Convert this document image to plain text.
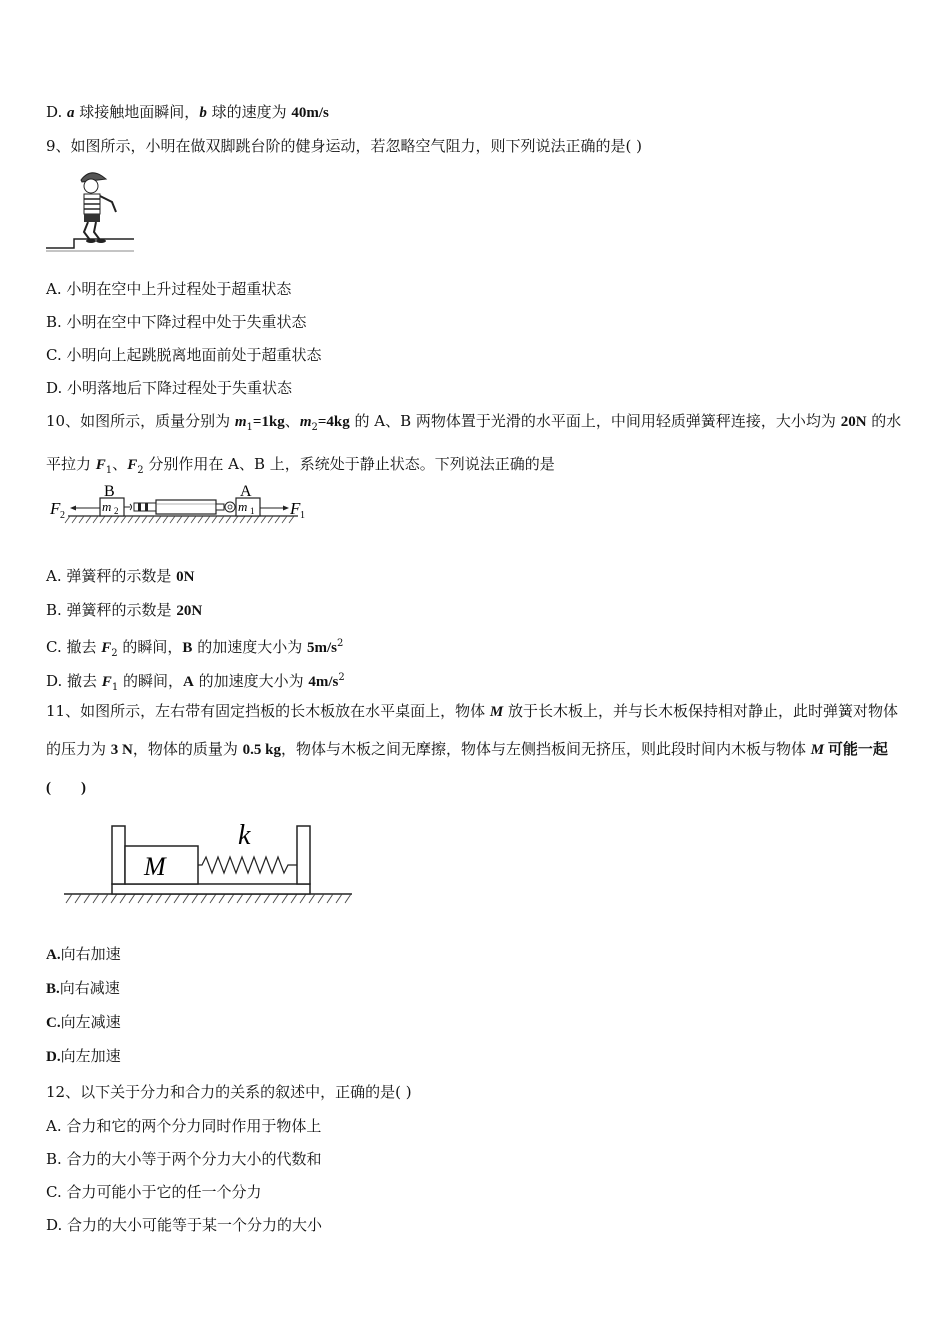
D. a 球接触地面瞬间，b 球的速度为 40m/s
9、如图所示，小明在做双脚跳台阶的健身运动，若忽略空气阻力，则下列说法正确的是( )
A. 小明在空中上升过程处于超重状态
B. 小明在空中下降过程中处于失重状态
C. 小明向上起跳脱离地面前处于超重状态
D. 小明落地后下降过程处于失重状态
10、如图所示，质量分别为 $m_1=1kg$、$m_2=4kg$ 的 A、B 两物体置于光滑的水平面上，中间用轻质弹簧秤连接，大小均为 20N 的水平拉力 $F_1$、$F_2$ 分别作用在 A、B 上，系统处于静止状态。下列说法正确的是
F 2
B
m 2
A
m 1 F 1
A. 弹簧秤的示数是 0N
B. 弹簧秤的示数是 20N
C. 撤去 $F_2$ 的瞬间，B 的加速度大小为 $5m/s^2$
D. 撤去 $F_1$ 的瞬间，A 的加速度大小为 $4m/s^2$
11、如图所示，左右带有固定挡板的长木板放在水平桌面上，物体 M 放于长木板上，并与长木板保持相对静止，此时弹簧对物体的压力为 3 N，物体的质量为 0.5 kg，物体与木板之间无摩擦，物体与左侧挡板间无挤压，则此段时间内木板与物体 M 可能一起(　　)
M
k
A.向右加速
B.向右减速
C.向左减速
D.向左加速
12、以下关于分力和合力的关系的叙述中，正确的是( )
A. 合力和它的两个分力同时作用于物体上
B. 合力的大小等于两个分力大小的代数和
C. 合力可能小于它的任一个分力
D. 合力的大小可能等于某一个分力的大小
